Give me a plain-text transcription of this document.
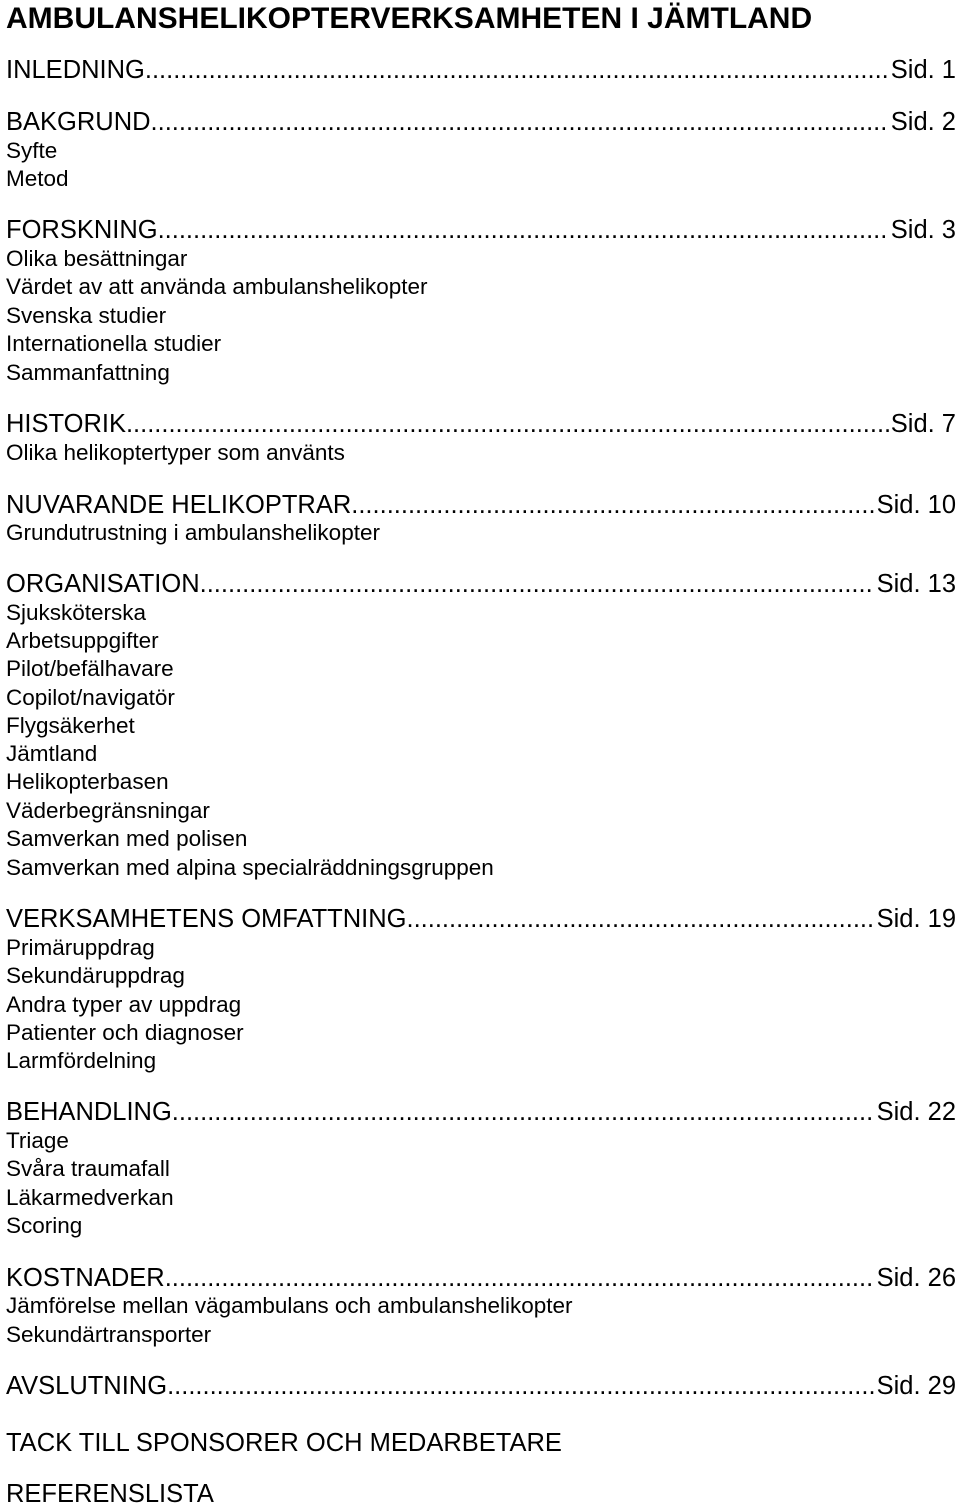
AMBULANSHELIKOPTERVERKSAMHETEN I JÄMTLAND
INLEDNING .....	Sid. 1
BAKGRUND .....	Sid. 2
Syfte
Metod
FORSKNING .....	Sid. 3
Olika besättningar
Värdet av att använda ambulanshelikopter
Svenska studier
Internationella studier
Sammanfattning
HISTORIK .....	Sid. 7
Olika helikoptertyper som använts
NUVARANDE HELIKOPTRAR .....	Sid. 10
Grundutrustning i ambulanshelikopter
ORGANISATION .....	Sid. 13
Sjuksköterska
Arbetsuppgifter
Pilot/befälhavare
Copilot/navigatör
Flygsäkerhet
Jämtland
Helikopterbasen
Väderbegränsningar
Samverkan med polisen
Samverkan med alpina specialräddningsgruppen
VERKSAMHETENS OMFATTNING .....	Sid. 19
Primäruppdrag
Sekundäruppdrag
Andra typer av uppdrag
Patienter och diagnoser
Larmfördelning
BEHANDLING .....	Sid. 22
Triage
Svåra traumafall
Läkarmedverkan
Scoring
KOSTNADER .....	Sid. 26
Jämförelse mellan vägambulans och ambulanshelikopter
Sekundärtransporter
AVSLUTNING .....	Sid. 29
TACK TILL SPONSORER OCH MEDARBETARE
REFERENSLISTA
